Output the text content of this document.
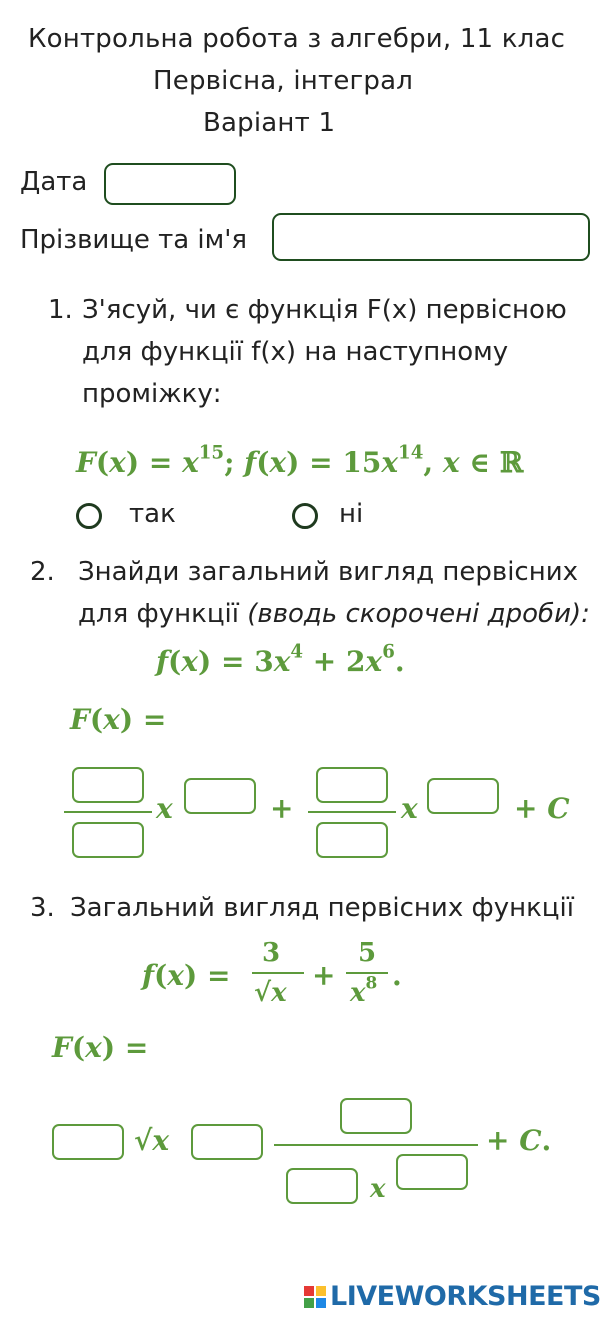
Контрольна робота з алгебри, 11 клас
Первісна, інтеграл
Варіант 1
Дата
Прізвище та ім'я
1. З'ясуй, чи є функція F(x) первісною
для функції f(x) на наступному
проміжку:
$F(x) = x^{15}$; $f(x) = 15x^{14}$, x ∈ ℝ
так	ні
2. Знайди загальний вигляд первісних
для функції (вводь скорочені дроби):
$f(x) = 3x^4 + 2x^6$.
F(x) =
x	+	x	+ C
3. Загальний вигляд первісних функції
f(x) =
3
√x
+
5
$x^8$ .
F(x) =
√x
x
+ C.
LIVEWORKSHEETS
